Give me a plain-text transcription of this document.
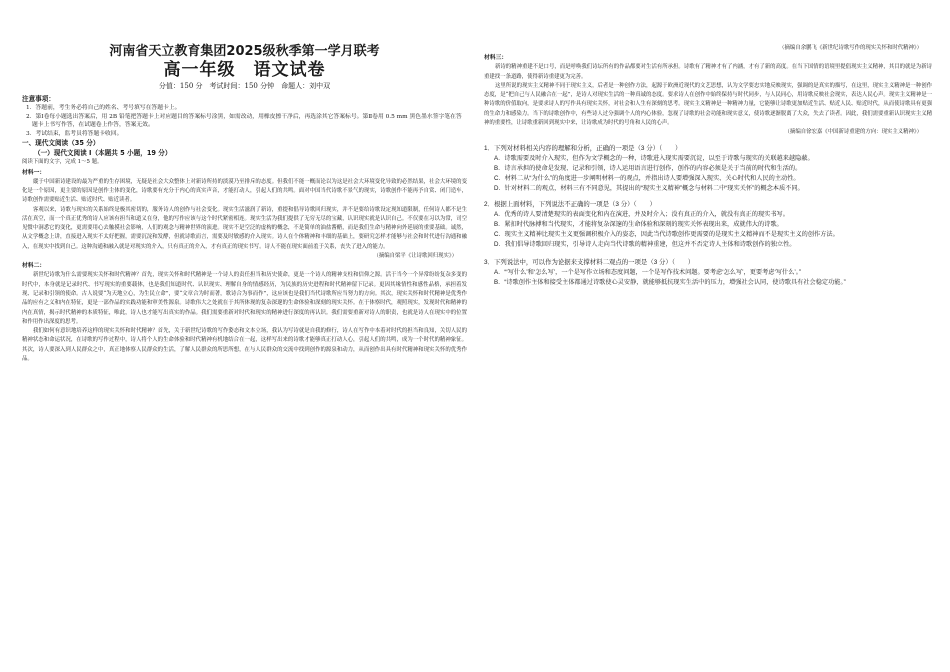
河南省天立教育集团2025级秋季第一学月联考

高一年级　语文试卷

分值：150 分　考试时间：150 分钟　命题人：刘中双

注意事项：

1．答题前，考生务必将自己的姓名、考号填写在答题卡上。

2．第Ⅰ卷每小题选出答案后，用 2B 铅笔把答题卡上对应题目的答案标号涂黑，如需改动，用橡皮擦干净后，再选涂其它答案标号。第Ⅱ卷用 0.5 mm 黑色墨水签字笔在答题卡上书写作答，在试题卷上作答，答案无效。

3．考试结束，监考员将答题卡收回。

一、现代文阅读（35 分）

（一）现代文阅读 Ⅰ（本题共 5 小题，19 分）

阅读下面的文字，完成 1～5 题。

材料一：

縱于中国新诗建设的最为严重的生存困境，无疑是社会大众整体上对新诗所持的淡漠乃至排斥的态度。但我们不能一概而论以为这是社会大环境变化导致的必然结果，社会大环境的变化是一个原因，更主要的原因是创作主体的变化，诗歌要有充分于内心的真实声音，才能打动人，引起人们的共鸣。面对中国当代诗歌不景气的现实，诗歌创作不能再予自赏、闭门造车，诗歌创作需要贴近生活、贴近时代、贴近读者。

客观以来，诗歌与现实的关系始终是极其密切的，服务诗人的创作与社会变化。现实生活滋润了新诗，重提和倡导诗歌回归现实，并不是要给诗歌设定现知道限制，任何诗人都不是生活在真空，而一个真正优秀的诗人应该有担当和道义在身，他的写作应该与这个时代紧密相连。现实生活为我们提供了无穷无尽的宝藏，认识现实就是认识自己。不仅要在习以为常，司空见惯中洞悉它的变化，更需要用心去触摸社会影响，人们的观念与精神世界的演进。现实不是空泛的虚构的概念，不是简单的油盐酱醋，而是我们生命与精神向外延展的重要基础。诚然，从文学概念上讲，直接进入现实不太好把握，需要沉淀和发酵，但就诗歌而言，需要及时敏感的介入现实。诗人在个体精神和丰细的基础上，要研究怎样才能够与社会和时代进行沟通和融入，在现实中找到自己。这种沟通和融入就是对现实的介入，只有真正的介入，才有真正的现实书写。诗人不能在现实面前羞于关系，丧失了进入的能力。

（摘编自梁平《让诗歌回归现实》）

材料二：

新世纪诗歌为什么需要现实关怀和时代精神？首先，现实关怀和时代精神是一个诗人的责任担当和历史使命，更是一个诗人的精神支柱和信仰之源。活于当今一个异常纷纷复杂多变的时代中，本身就是记录时代、书写现实的重要载体，也是我们知道时代、认识现实、理解自身的情感经历，为民族的历史进程和时代精神留下记录。更因其缘情性和感性品格，承担着发现、记录和引领的使命。古人说要“为天地立心，为生民立命”，要“文章合为时而著，歌诗合为事而作”，这应该也是我们当代诗歌所应当努力的方向。其次，现实关怀和时代精神是优秀作品的应有之义和内在特征，更是一部作品的实践功能和审美性源泉。诗歌伟大之处就在于其所体现的复杂深邃的生命体验和深刻的现实关怀。在于体察时代，观照现实，发现时代和精神的内在真情，揭示时代精神的本质特征，唯此，诗人也才能写出真实的作品。我们需要重新对时代和现实的精神进行深度的再认识。我们需要重新对诗人的职责，也就是诗人在现实中的位置和作用作出深度的思考。

我们如何有意识地培养这样的现实关怀和时代精神？首先，关于新世纪诗歌的写作姿态和文本立场，我认为写诗就是自我的修行，诗人在写作中本着对时代的担当和良知，关切人民的精神状态和命运状况，在诗歌的写作过程中，诗人将个人的生命体验和时代精神有机地结合在一起，这样写出来的诗歌才能够真正打动人心，引起人们的共鸣，成为一个时代的精神象征。其次，诗人要深入到人民群众之中，真正地体察人民群众的生活，了解人民群众的所思所想，在与人民群众的交流中找到创作的源泉和动力，从而创作出具有时代精神和现实关怀的优秀作品。

（摘编自余鹏飞《新世纪诗歌写作的现实关怀和时代精神》）

材料三：

新诗的精神重建不是口号，而是呼唤我们诗坛所有的作品都要对生活有所承担。诗歌有了精神才有了内涵，才有了新的高度。在当下国情的语境里提倡现实主义精神，其目的就是为新诗重建找一条道路，使得新诗重建更为完善。

这里所说的现实主义精神不同于现实主义，后者是一种创作方法，起源于欧洲近现代的文艺思想，认为文学要忠实地反映现实，强调的是真实的描写，在这里，现实主义精神是一种创作态度，是“把自己与人民融合在一起”，是诗人对现实生活的一种真诚的态度。要求诗人在创作中始终保持与时代同步，与人民同心，用诗歌反映社会现实，表达人民心声。现实主义精神是一种诗歌的价值取向，是要求诗人的写作具有现实关怀，对社会和人生有深刻的思考。现实主义精神是一种精神力量，它能够让诗歌更加贴近生活、贴近人民、贴近时代，从而使诗歌具有更强的生命力和感染力。当下的诗歌创作中，有些诗人过分强调个人的内心体验，忽视了诗歌的社会功能和现实意义，使诗歌逐渐脱离了大众，失去了读者。因此，我们需要重新认识现实主义精神的重要性，让诗歌重新回到现实中来，让诗歌成为时代的号角和人民的心声。

（摘编自徐宏嘉《中国新诗重建的方向：现实主义精神》）

1．下列对材料相关内容的理解和分析，正确的一项是（3 分）（　　）

A．诗歌需要及时介入现实，但作为文学概念的一种，诗歌进入现实需要沉淀，以至于诗歌与现实的关联越来越隐蔽。

B．诗言承担的使命是发现、记录和引领，诗人运用语言进行创作，创作的内容必须是关于当前的时代和生活的。

C．材料二从“为什么”的角度进一步阐明材料一的观点，并指出诗人要增强深入现实、关心时代和人民的主动性。

D．针对材料二的观点，材料三有不同意见，其提出的“现实主义精神”概念与材料二中“现实关怀”的概念本质不同。

2．根据上面材料，下列说法不正确的一项是（3 分）（　　）

A．优秀的诗人要清楚现实的表面变化和内在演进，并及时介入；没有真正的介入，就没有真正的现实书写。

B．紧扣时代脉搏和当代现实，才能将复杂深邃的生命体验和深刻的现实关怀表现出来，成就伟大的诗歌。

C．现实主义精神比现实主义更强调积极介入的姿态，因此当代诗歌创作更需要的是现实主义精神而不是现实主义的创作方法。

D．我们倡导诗歌回归现实，引导诗人走向当代诗歌的精神重建，但这并不否定诗人主体和诗歌创作的独立性。

3．下列说法中，可以作为论据来支撑材料二观点的一项是（3 分）（　　）

A．“‘写什么’和‘怎么写’，一个是写作立场和态度问题，一个是写作技术问题。要考虑‘怎么写’，更要考虑‘写什么’。”

B．“诗歌创作主体和接受主体都通过诗歌使心灵安静，就能够抵抗现实生活中的压力，增强社会认同，使诗歌具有社会稳定功能。”
